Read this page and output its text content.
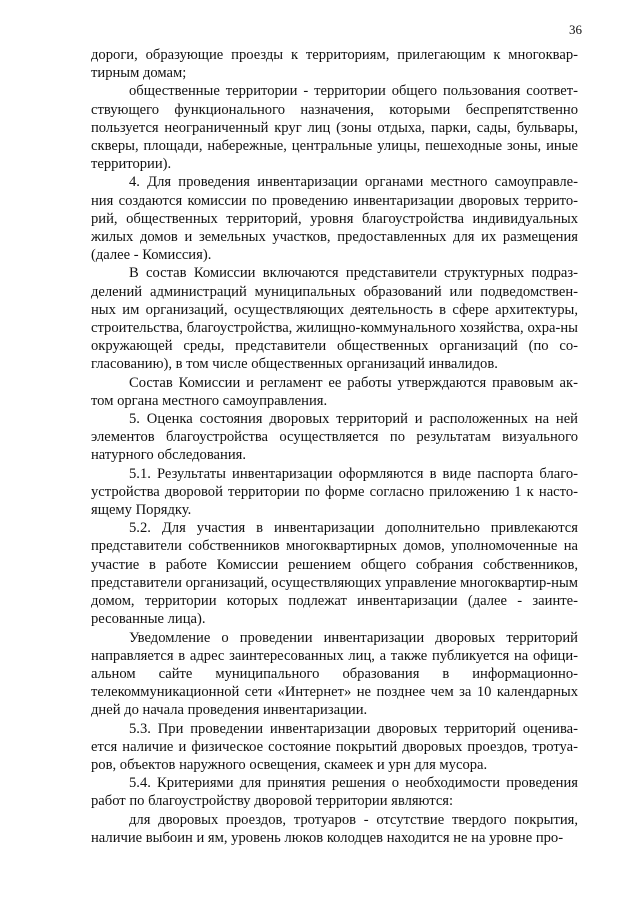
36

дороги, образующие проезды к территориям, прилегающим к многоквар-тирным домам;

общественные территории - территории общего пользования соответ-ствующего функционального назначения, которыми беспрепятственно пользуется неограниченный круг лиц (зоны отдыха, парки, сады, бульвары, скверы, площади, набережные, центральные улицы, пешеходные зоны, иные территории).

4. Для проведения инвентаризации органами местного самоуправле-ния создаются комиссии по проведению инвентаризации дворовых террито-рий, общественных территорий, уровня благоустройства индивидуальных жилых домов и земельных участков, предоставленных для их размещения (далее - Комиссия).

В состав Комиссии включаются представители структурных подраз-делений администраций муниципальных образований или подведомствен-ных им организаций, осуществляющих деятельность в сфере архитектуры, строительства, благоустройства, жилищно-коммунального хозяйства, охра-ны окружающей среды, представители общественных организаций (по со-гласованию), в том числе общественных организаций инвалидов.

Состав Комиссии и регламент ее работы утверждаются правовым ак-том органа местного самоуправления.

5. Оценка состояния дворовых территорий и расположенных на ней элементов благоустройства осуществляется по результатам визуального натурного обследования.

5.1. Результаты инвентаризации оформляются в виде паспорта благо-устройства дворовой территории по форме согласно приложению 1 к насто-ящему Порядку.

5.2. Для участия в инвентаризации дополнительно привлекаются представители собственников многоквартирных домов, уполномоченные на участие в работе Комиссии решением общего собрания собственников, представители организаций, осуществляющих управление многоквартир-ным домом, территории которых подлежат инвентаризации (далее - заинте-ресованные лица).

Уведомление о проведении инвентаризации дворовых территорий направляется в адрес заинтересованных лиц, а также публикуется на офици-альном сайте муниципального образования в информационно-телекоммуникационной сети «Интернет» не позднее чем за 10 календарных дней до начала проведения инвентаризации.

5.3. При проведении инвентаризации дворовых территорий оценива-ется наличие и физическое состояние покрытий дворовых проездов, тротуа-ров, объектов наружного освещения, скамеек и урн для мусора.

5.4. Критериями для принятия решения о необходимости проведения работ по благоустройству дворовой территории являются:

для дворовых проездов, тротуаров - отсутствие твердого покрытия, наличие выбоин и ям, уровень люков колодцев находится не на уровне про-
